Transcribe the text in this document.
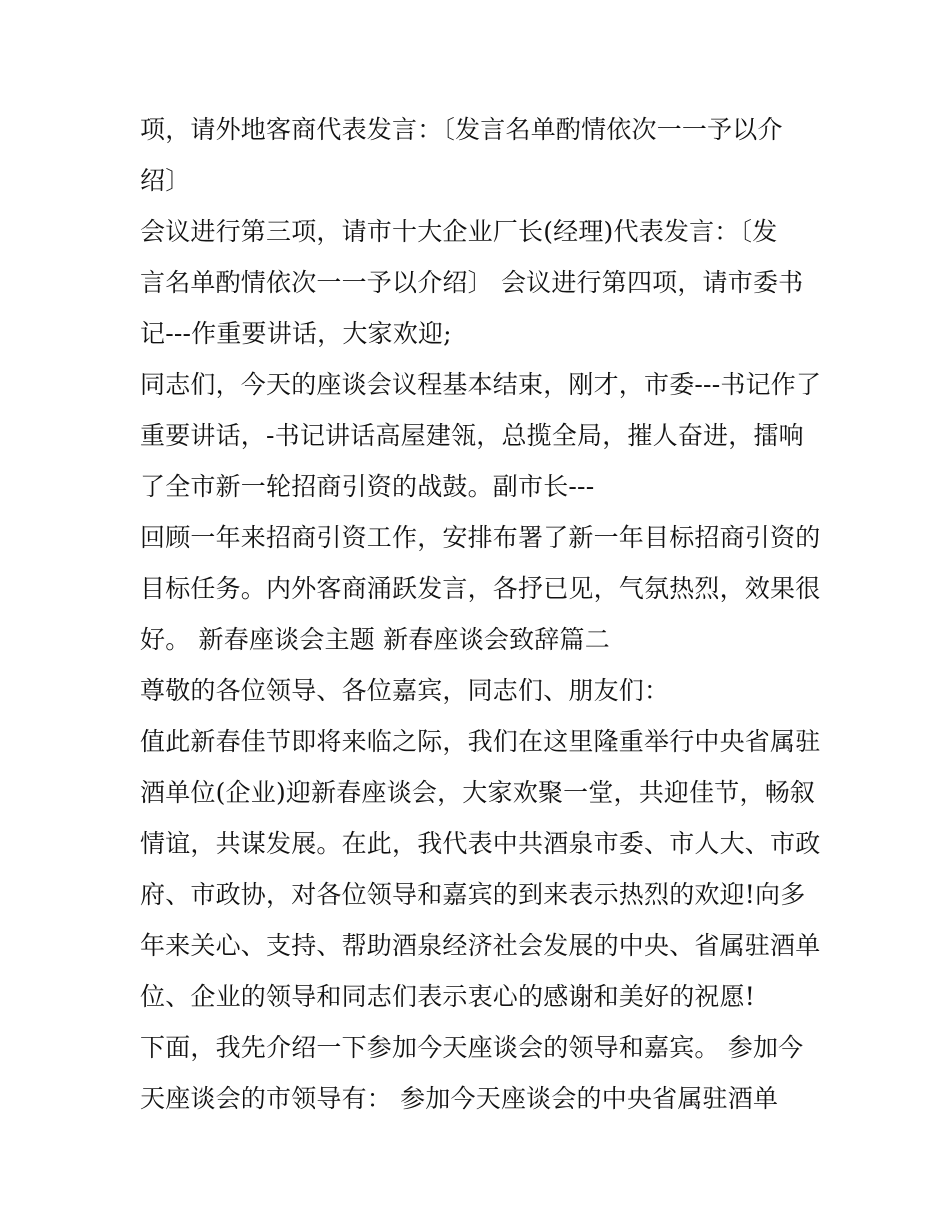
项，请外地客商代表发言：〔发言名单酌情依次一一予以介
绍〕
会议进行第三项，请市十大企业厂长(经理)代表发言：〔发
言名单酌情依次一一予以介绍〕 会议进行第四项，请市委书
记---作重要讲话，大家欢迎;
同志们，今天的座谈会议程基本结束，刚才，市委---书记作了
重要讲话，-书记讲话高屋建瓴，总揽全局，摧人奋进，擂响
了全市新一轮招商引资的战鼓。副市长---
回顾一年来招商引资工作，安排布署了新一年目标招商引资的
目标任务。内外客商涌跃发言，各抒已见，气氛热烈，效果很
好。 新春座谈会主题 新春座谈会致辞篇二
尊敬的各位领导、各位嘉宾，同志们、朋友们：
值此新春佳节即将来临之际，我们在这里隆重举行中央省属驻
酒单位(企业)迎新春座谈会，大家欢聚一堂，共迎佳节，畅叙
情谊，共谋发展。在此，我代表中共酒泉市委、市人大、市政
府、市政协，对各位领导和嘉宾的到来表示热烈的欢迎!向多
年来关心、支持、帮助酒泉经济社会发展的中央、省属驻酒单
位、企业的领导和同志们表示衷心的感谢和美好的祝愿!
下面，我先介绍一下参加今天座谈会的领导和嘉宾。 参加今
天座谈会的市领导有： 参加今天座谈会的中央省属驻酒单
